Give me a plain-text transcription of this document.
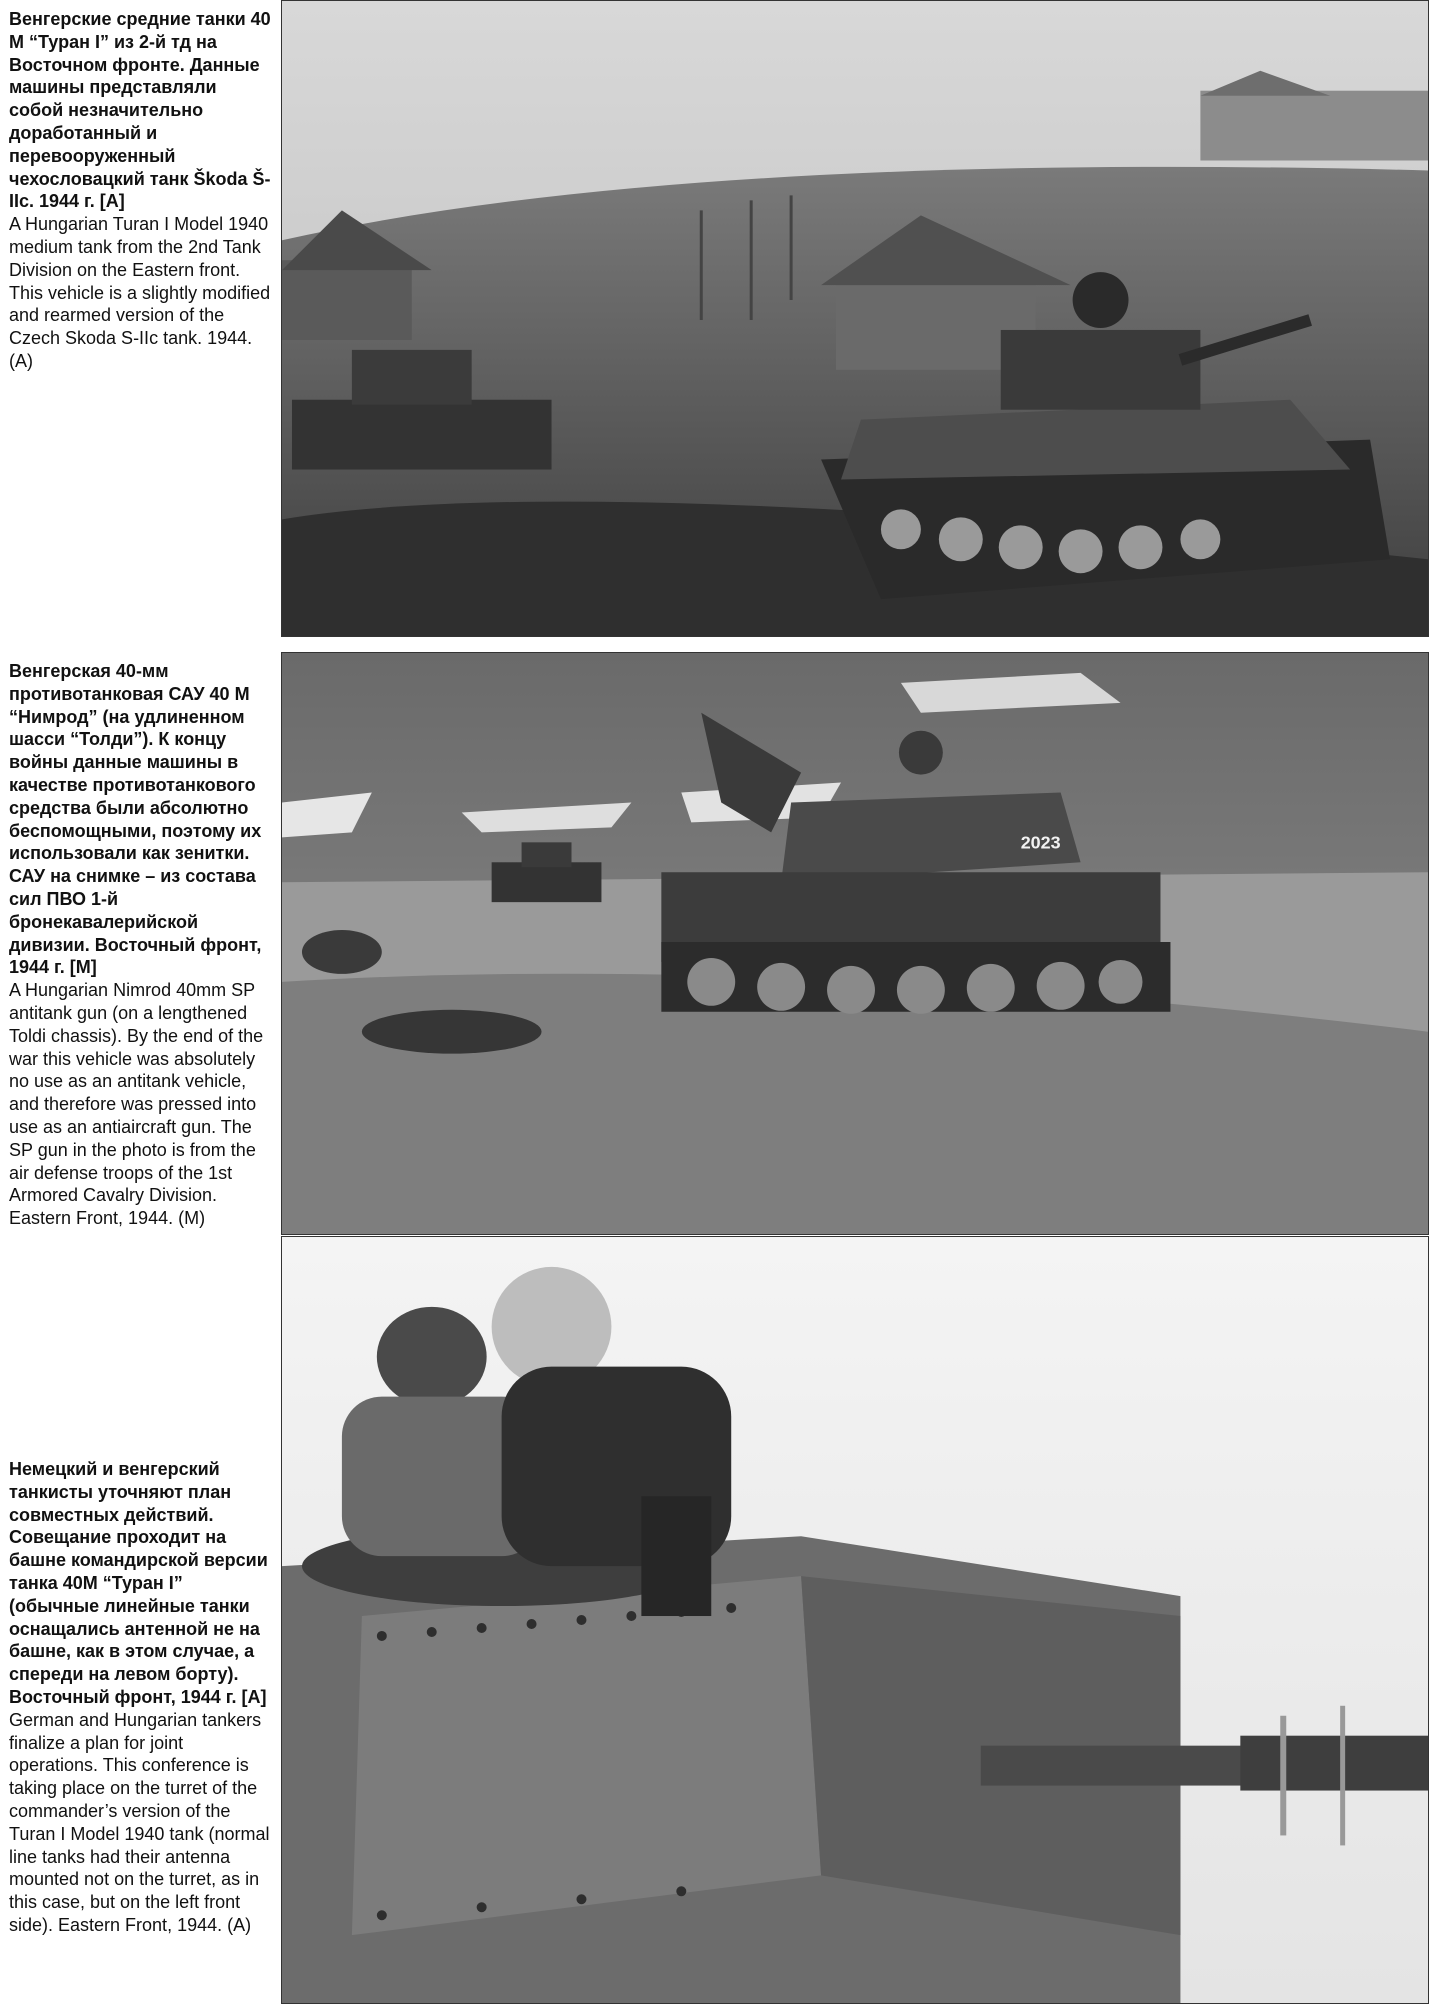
Венгерские средние танки 40 М “Туран I” из 2-й тд на Восточном фронте. Данные машины представляли собой незначительно доработанный и перевооруженный чехословацкий танк Škoda Š-IIc. 1944 г. [A]
A Hungarian Turan I Model 1940 medium tank from the 2nd Tank Division on the Eastern front. This vehicle is a slightly modified and rearmed version of the Czech Skoda S-IIc tank. 1944. (A)
Венгерская 40-мм противотанковая САУ 40 М “Нимрод” (на удлиненном шасси “Толди”). К концу войны данные машины в качестве противотанкового средства были абсолютно беспомощными, поэтому их использовали как зенитки. САУ на снимке – из состава сил ПВО 1-й бронекавалерийской дивизии. Восточный фронт, 1944 г. [M]
A Hungarian Nimrod 40mm SP antitank gun (on a lengthened Toldi chassis). By the end of the war this vehicle was absolutely no use as an antitank vehicle, and therefore was pressed into use as an antiaircraft gun. The SP gun in the photo is from the air defense troops of the 1st Armored Cavalry Division. Eastern Front, 1944. (M)
2023
Немецкий и венгерский танкисты уточняют план совместных действий. Совещание проходит на башне командирской версии танка 40М “Туран I” (обычные линейные танки оснащались антенной не на башне, как в этом случае, а спереди на левом борту). Восточный фронт, 1944 г. [A]
German and Hungarian tankers finalize a plan for joint operations. This conference is taking place on the turret of the commander’s version of the Turan I Model 1940 tank (normal line tanks had their antenna mounted not on the turret, as in this case, but on the left front side). Eastern Front, 1944. (A)
